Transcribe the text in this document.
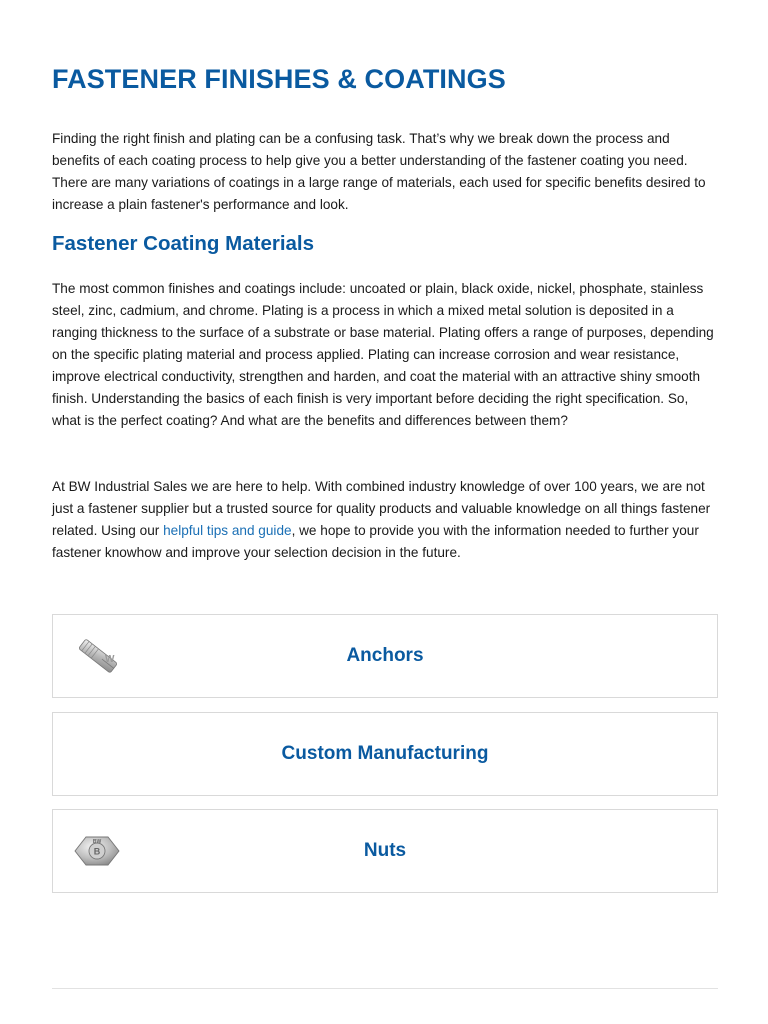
FASTENER FINISHES & COATINGS

Finding the right finish and plating can be a confusing task. That’s why we break down the process and benefits of each coating process to help give you a better understanding of the fastener coating you need. There are many variations of coatings in a large range of materials, each used for specific benefits desired to increase a plain fastener's performance and look.

Fastener Coating Materials

The most common finishes and coatings include: uncoated or plain, black oxide, nickel, phosphate, stainless steel, zinc, cadmium, and chrome. Plating is a process in which a mixed metal solution is deposited in a ranging thickness to the surface of a substrate or base material. Plating offers a range of purposes, depending on the specific plating material and process applied. Plating can increase corrosion and wear resistance, improve electrical conductivity, strengthen and harden, and coat the material with an attractive shiny smooth finish. Understanding the basics of each finish is very important before deciding the right specification. So, what is the perfect coating? And what are the benefits and differences between them?

At BW Industrial Sales we are here to help. With combined industry knowledge of over 100 years, we are not just a fastener supplier but a trusted source for quality products and valuable knowledge on all things fastener related. Using our helpful tips and guide, we hope to provide you with the information needed to further your fastener knowhow and improve your selection decision in the future.

W	Anchors
Custom Manufacturing
BW
B	Nuts
